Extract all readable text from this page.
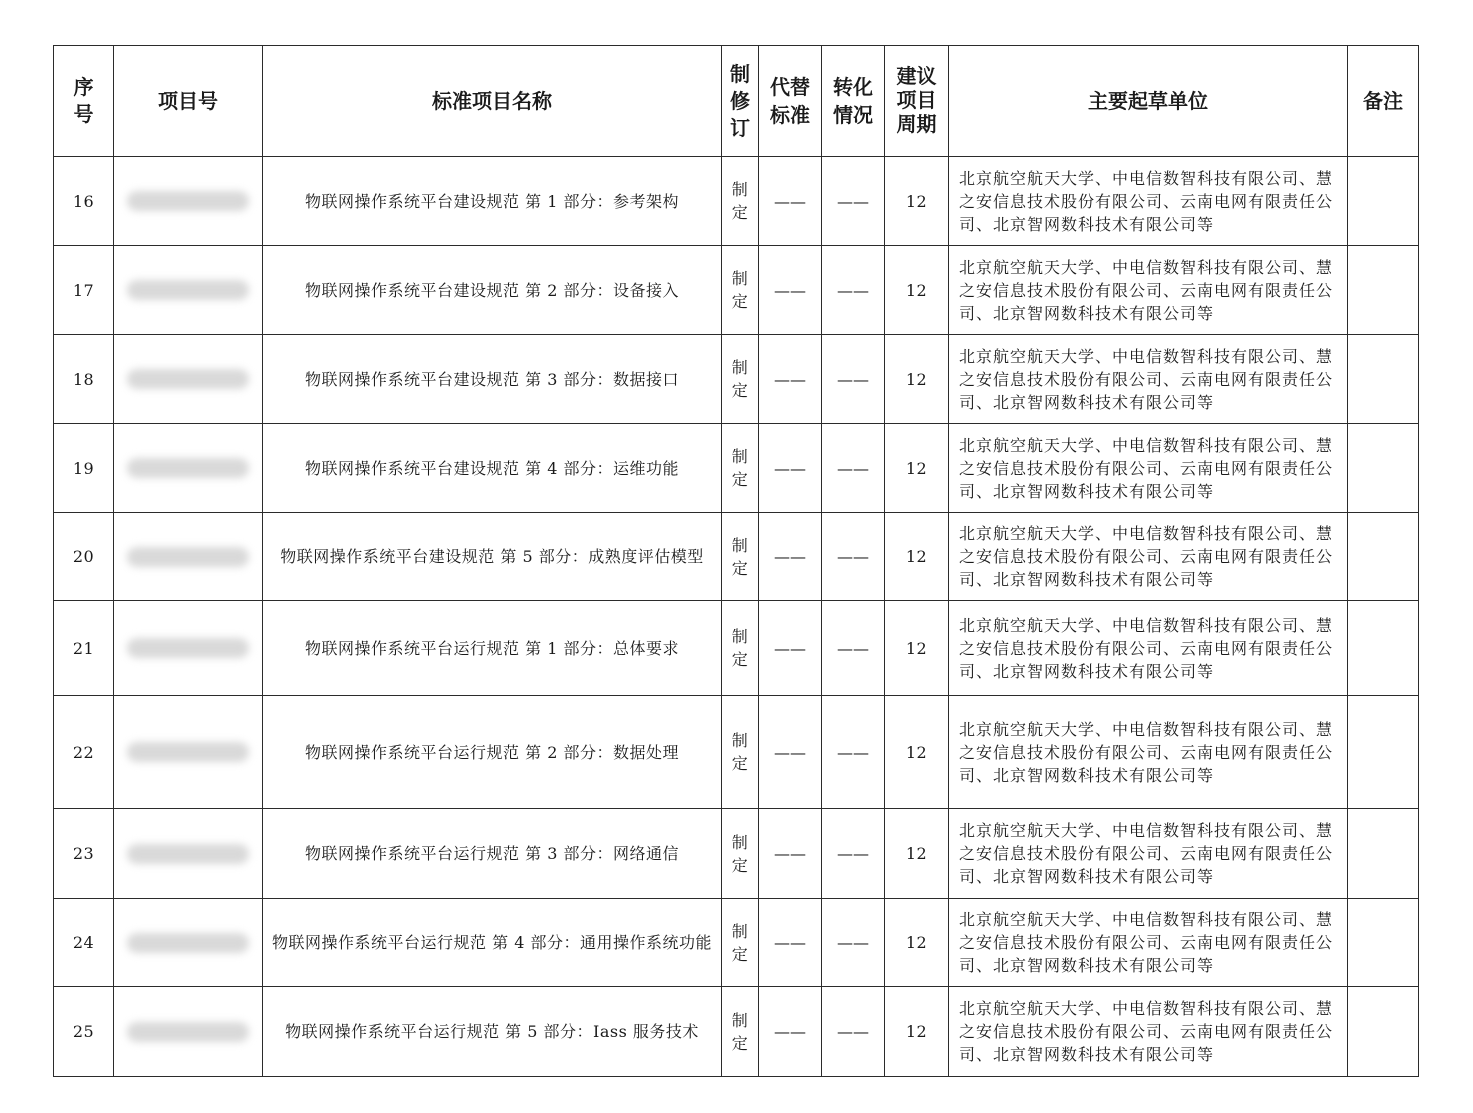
序号	项目号	标准项目名称	制修订	代替标准	转化情况	建议项目周期	主要起草单位	备注
16		物联网操作系统平台建设规范 第 1 部分：参考架构	制定	——	——	12	北京航空航天大学、中电信数智科技有限公司、慧之安信息技术股份有限公司、云南电网有限责任公司、北京智网数科技术有限公司等	
17		物联网操作系统平台建设规范 第 2 部分：设备接入	制定	——	——	12	北京航空航天大学、中电信数智科技有限公司、慧之安信息技术股份有限公司、云南电网有限责任公司、北京智网数科技术有限公司等	
18		物联网操作系统平台建设规范 第 3 部分：数据接口	制定	——	——	12	北京航空航天大学、中电信数智科技有限公司、慧之安信息技术股份有限公司、云南电网有限责任公司、北京智网数科技术有限公司等	
19		物联网操作系统平台建设规范 第 4 部分：运维功能	制定	——	——	12	北京航空航天大学、中电信数智科技有限公司、慧之安信息技术股份有限公司、云南电网有限责任公司、北京智网数科技术有限公司等	
20		物联网操作系统平台建设规范 第 5 部分：成熟度评估模型	制定	——	——	12	北京航空航天大学、中电信数智科技有限公司、慧之安信息技术股份有限公司、云南电网有限责任公司、北京智网数科技术有限公司等	
21		物联网操作系统平台运行规范 第 1 部分：总体要求	制定	——	——	12	北京航空航天大学、中电信数智科技有限公司、慧之安信息技术股份有限公司、云南电网有限责任公司、北京智网数科技术有限公司等	
22		物联网操作系统平台运行规范 第 2 部分：数据处理	制定	——	——	12	北京航空航天大学、中电信数智科技有限公司、慧之安信息技术股份有限公司、云南电网有限责任公司、北京智网数科技术有限公司等	
23		物联网操作系统平台运行规范 第 3 部分：网络通信	制定	——	——	12	北京航空航天大学、中电信数智科技有限公司、慧之安信息技术股份有限公司、云南电网有限责任公司、北京智网数科技术有限公司等	
24		物联网操作系统平台运行规范 第 4 部分：通用操作系统功能	制定	——	——	12	北京航空航天大学、中电信数智科技有限公司、慧之安信息技术股份有限公司、云南电网有限责任公司、北京智网数科技术有限公司等	
25		物联网操作系统平台运行规范 第 5 部分：Iass 服务技术	制定	——	——	12	北京航空航天大学、中电信数智科技有限公司、慧之安信息技术股份有限公司、云南电网有限责任公司、北京智网数科技术有限公司等	
